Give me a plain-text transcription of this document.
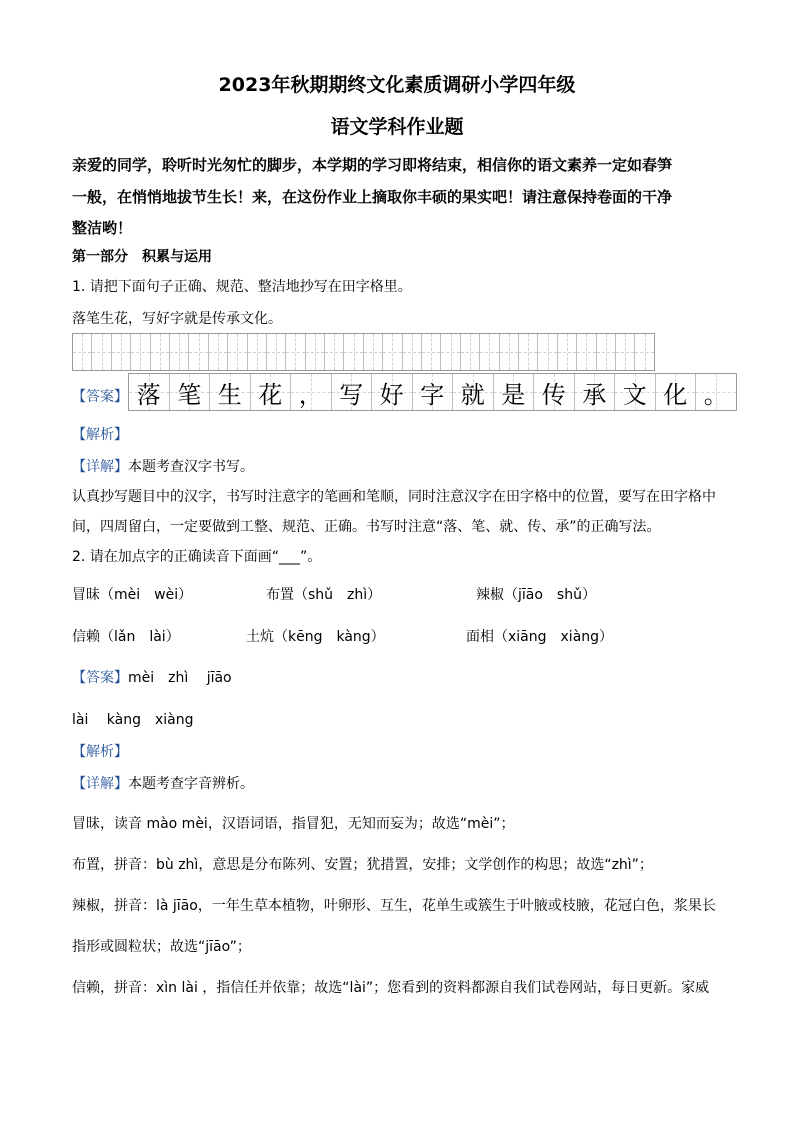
2023年秋期期终文化素质调研小学四年级
语文学科作业题
亲爱的同学，聆听时光匆忙的脚步，本学期的学习即将结束，相信你的语文素养一定如春笋
一般，在悄悄地拔节生长！来，在这份作业上摘取你丰硕的果实吧！请注意保持卷面的干净
整洁哟！
第一部分　积累与运用
1. 请把下面句子正确、规范、整洁地抄写在田字格里。
落笔生花，写好字就是传承文化。
【答案】 落 笔 生 花 ， 写 好 字 就 是 传 承 文 化 。
【解析】
【详解】本题考查汉字书写。
认真抄写题目中的汉字，书写时注意字的笔画和笔顺，同时注意汉字在田字格中的位置，要写在田字格中
间，四周留白，一定要做到工整、规范、正确。书写时注意“落、笔、就、传、承”的正确写法。
2. 请在加点字的正确读音下面画“___”。
冒昧（mèi　wèi）	布置（shǔ　zhì）	辣椒（jīāo　shǔ）
信赖（lǎn　lài）	土炕（kēng　kàng）	面相（xiāng　xiàng）
【答案】mèi　zhì　 jīāo
lài　 kàng　xiàng
【解析】
【详解】本题考查字音辨析。
冒昧，读音 mào mèi，汉语词语，指冒犯，无知而妄为；故选“mèi”；
布置，拼音：bù zhì，意思是分布陈列、安置；犹措置，安排；文学创作的构思；故选“zhì”；
辣椒，拼音：là jīāo，一年生草本植物，叶卵形、互生，花单生或簇生于叶腋或枝腋，花冠白色，浆果长
指形或圆粒状；故选“jīāo”；
信赖，拼音：xìn lài ，指信任并依靠；故选“lài”；您看到的资料都源自我们试卷网站，每日更新。家威
